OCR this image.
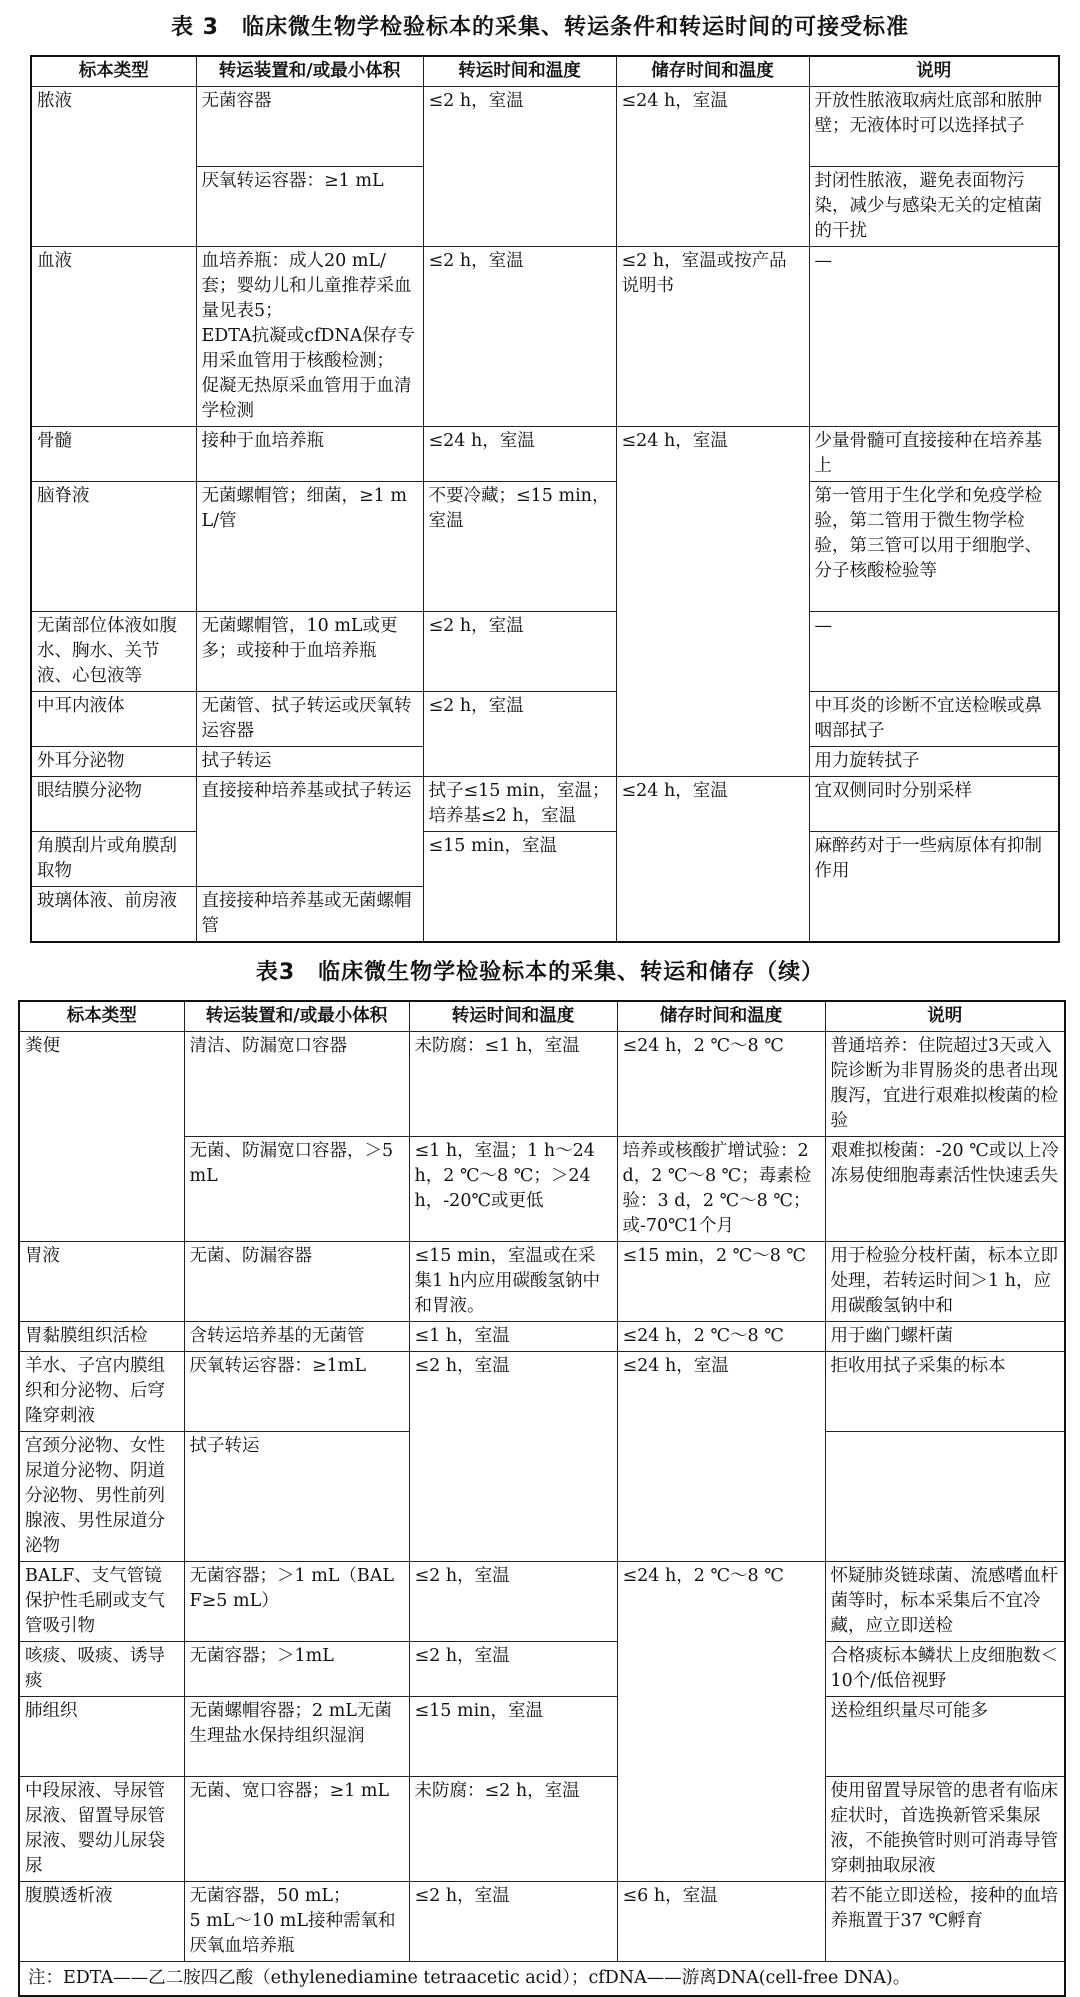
表 3　临床微生物学检验标本的采集、转运条件和转运时间的可接受标准
标本类型	转运装置和/或最小体积	转运时间和温度	储存时间和温度	说明
脓液	无菌容器	≤2 h，室温	≤24 h，室温	开放性脓液取病灶底部和脓肿壁；无液体时可以选择拭子
	厌氧转运容器：≥1 mL			封闭性脓液，避免表面物污染，减少与感染无关的定植菌的干扰
血液	血培养瓶：成人20 mL/套；婴幼儿和儿童推荐采血量见表5；
EDTA抗凝或cfDNA保存专用采血管用于核酸检测；
促凝无热原采血管用于血清学检测	≤2 h，室温	≤2 h，室温或按产品说明书	—
骨髓	接种于血培养瓶	≤24 h，室温	≤24 h，室温	少量骨髓可直接接种在培养基上
脑脊液	无菌螺帽管；细菌，≥1 mL/管	不要冷藏；≤15 min，室温		第一管用于生化学和免疫学检验，第二管用于微生物学检验，第三管可以用于细胞学、分子核酸检验等
无菌部位体液如腹水、胸水、关节液、心包液等	无菌螺帽管，10 mL或更多；或接种于血培养瓶	≤2 h，室温		—
中耳内液体	无菌管、拭子转运或厌氧转运容器	≤2 h，室温		中耳炎的诊断不宜送检喉或鼻咽部拭子
外耳分泌物	拭子转运			用力旋转拭子
眼结膜分泌物	直接接种培养基或拭子转运	拭子≤15 min，室温；培养基≤2 h，室温	≤24 h，室温	宜双侧同时分别采样
角膜刮片或角膜刮取物		≤15 min，室温		麻醉药对于一些病原体有抑制作用
玻璃体液、前房液	直接接种培养基或无菌螺帽管			
表3　临床微生物学检验标本的采集、转运和储存（续）
标本类型	转运装置和/或最小体积	转运时间和温度	储存时间和温度	说明
粪便	清洁、防漏宽口容器	未防腐：≤1 h，室温	≤24 h，2 ℃～8 ℃	普通培养：住院超过3天或入院诊断为非胃肠炎的患者出现腹泻，宜进行艰难拟梭菌的检验
	无菌、防漏宽口容器，＞5 mL	≤1 h，室温；1 h～24 h，2 ℃～8 ℃；＞24 h，-20℃或更低	培养或核酸扩增试验：2 d，2 ℃～8 ℃；毒素检验：3 d，2 ℃～8 ℃；或-70℃1个月	艰难拟梭菌：-20 ℃或以上冷冻易使细胞毒素活性快速丢失
胃液	无菌、防漏容器	≤15 min，室温或在采集1 h内应用碳酸氢钠中和胃液。	≤15 min，2 ℃～8 ℃	用于检验分枝杆菌，标本立即处理，若转运时间＞1 h，应用碳酸氢钠中和
胃黏膜组织活检	含转运培养基的无菌管	≤1 h，室温	≤24 h，2 ℃～8 ℃	用于幽门螺杆菌
羊水、子宫内膜组织和分泌物、后穹隆穿刺液	厌氧转运容器：≥1mL	≤2 h，室温	≤24 h，室温	拒收用拭子采集的标本
宫颈分泌物、女性尿道分泌物、阴道分泌物、男性前列腺液、男性尿道分泌物	拭子转运			
BALF、支气管镜保护性毛刷或支气管吸引物	无菌容器；＞1 mL（BALF≥5 mL）	≤2 h，室温	≤24 h，2 ℃～8 ℃	怀疑肺炎链球菌、流感嗜血杆菌等时，标本采集后不宜冷藏，应立即送检
咳痰、吸痰、诱导痰	无菌容器；＞1mL	≤2 h，室温		合格痰标本鳞状上皮细胞数＜10个/低倍视野
肺组织	无菌螺帽容器；2 mL无菌生理盐水保持组织湿润	≤15 min，室温		送检组织量尽可能多
中段尿液、导尿管尿液、留置导尿管尿液、婴幼儿尿袋尿	无菌、宽口容器；≥1 mL	未防腐：≤2 h，室温		使用留置导尿管的患者有临床症状时，首选换新管采集尿液，不能换管时则可消毒导管穿刺抽取尿液
腹膜透析液	无菌容器，50 mL；
5 mL～10 mL接种需氧和厌氧血培养瓶	≤2 h，室温	≤6 h，室温	若不能立即送检，接种的血培养瓶置于37 ℃孵育
注：EDTA——乙二胺四乙酸（ethylenediamine tetraacetic acid）；cfDNA——游离DNA(cell-free DNA)。				
